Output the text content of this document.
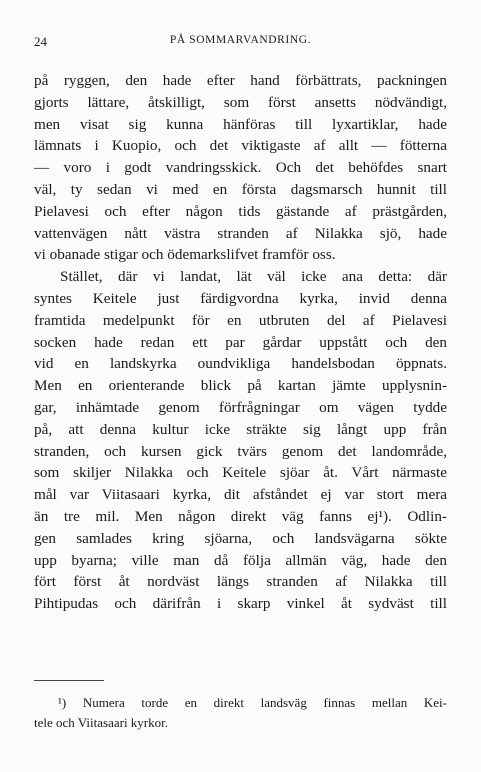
24	PÅ SOMMARVANDRING.
på ryggen, den hade efter hand förbättrats, packningen
gjorts lättare, åtskilligt, som först ansetts nödvändigt,
men visat sig kunna hänföras till lyxartiklar, hade
lämnats i Kuopio, och det viktigaste af allt — fötterna
— voro i godt vandringsskick. Och det behöfdes snart
väl, ty sedan vi med en första dagsmarsch hunnit till
Pielavesi och efter någon tids gästande af prästgården,
vattenvägen nått västra stranden af Nilakka sjö, hade
vi obanade stigar och ödemarkslifvet framför oss.
Stället, där vi landat, lät väl icke ana detta: där
syntes Keitele just färdigvordna kyrka, invid denna
framtida medelpunkt för en utbruten del af Pielavesi
socken hade redan ett par gårdar uppstått och den
vid en landskyrka oundvikliga handelsbodan öppnats.
Men en orienterande blick på kartan jämte upplysnin-
gar, inhämtade genom förfrågningar om vägen tydde
på, att denna kultur icke sträkte sig långt upp från
stranden, och kursen gick tvärs genom det landområde,
som skiljer Nilakka och Keitele sjöar åt. Vårt närmaste
mål var Viitasaari kyrka, dit afståndet ej var stort mera
än tre mil. Men någon direkt väg fanns ej¹). Odlin-
gen samlades kring sjöarna, och landsvägarna sökte
upp byarna; ville man då följa allmän väg, hade den
fört först åt nordväst längs stranden af Nilakka till
Pihtipudas och därifrån i skarp vinkel åt sydväst till
¹) Numera torde en direkt landsväg finnas mellan Kei-
tele och Viitasaari kyrkor.
